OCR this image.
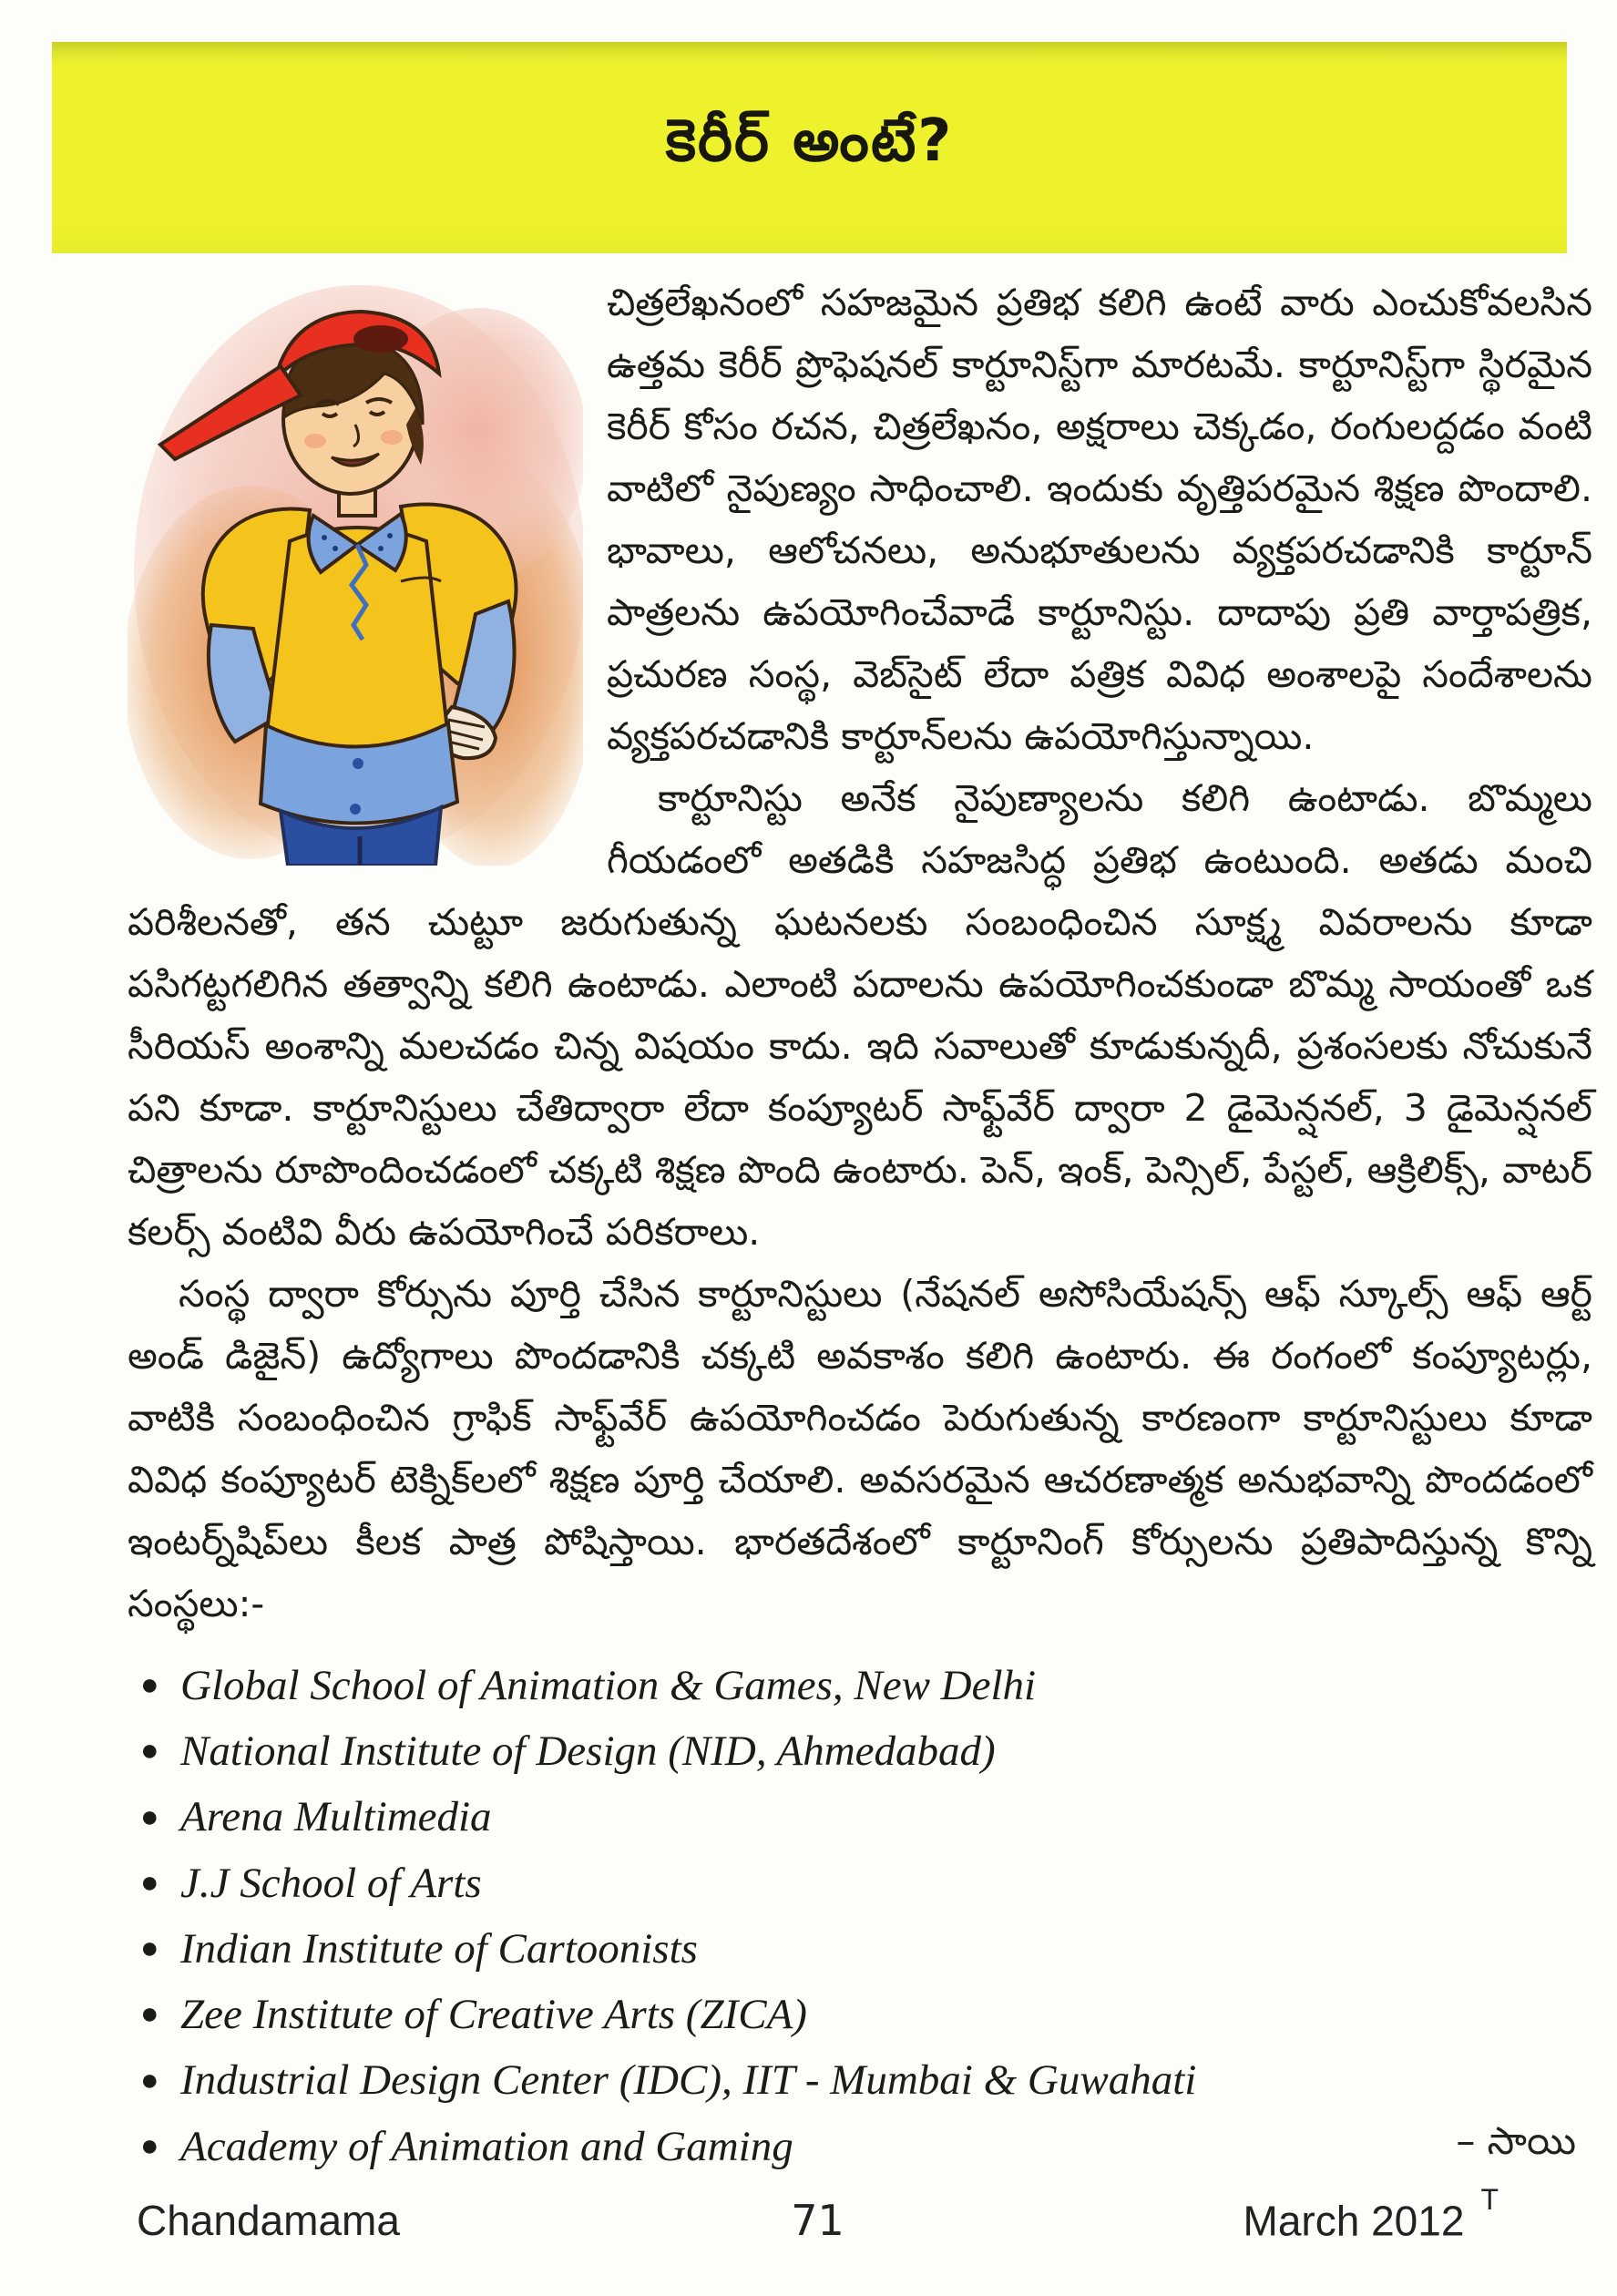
కెరీర్ అంటే?

చిత్రలేఖనంలో సహజమైన ప్రతిభ కలిగి ఉంటే వారు ఎంచుకోవలసిన ఉత్తమ కెరీర్ ప్రొఫెషనల్ కార్టూనిస్ట్‌గా మారటమే. కార్టూనిస్ట్‌గా స్థిరమైన కెరీర్ కోసం రచన, చిత్రలేఖనం, అక్షరాలు చెక్కడం, రంగులద్దడం వంటి వాటిలో నైపుణ్యం సాధించాలి. ఇందుకు వృత్తిపరమైన శిక్షణ పొందాలి. భావాలు, ఆలోచనలు, అనుభూతులను వ్యక్తపరచడానికి కార్టూన్ పాత్రలను ఉపయోగించేవాడే కార్టూనిస్టు. దాదాపు ప్రతి వార్తాపత్రిక, ప్రచురణ సంస్థ, వెబ్‌సైట్ లేదా పత్రిక వివిధ అంశాలపై సందేశాలను వ్యక్తపరచడానికి కార్టూన్‌లను ఉపయోగిస్తున్నాయి.

కార్టూనిస్టు అనేక నైపుణ్యాలను కలిగి ఉంటాడు. బొమ్మలు గీయడంలో అతడికి సహజసిద్ధ ప్రతిభ ఉంటుంది. అతడు మంచి పరిశీలనతో, తన చుట్టూ జరుగుతున్న ఘటనలకు సంబంధించిన సూక్ష్మ వివరాలను కూడా పసిగట్టగలిగిన తత్వాన్ని కలిగి ఉంటాడు. ఎలాంటి పదాలను ఉపయోగించకుండా బొమ్మ సాయంతో ఒక సీరియస్ అంశాన్ని మలచడం చిన్న విషయం కాదు. ఇది సవాలుతో కూడుకున్నదీ, ప్రశంసలకు నోచుకునే పని కూడా. కార్టూనిస్టులు చేతిద్వారా లేదా కంప్యూటర్ సాఫ్ట్‌వేర్ ద్వారా 2 డైమెన్షనల్, 3 డైమెన్షనల్ చిత్రాలను రూపొందించడంలో చక్కటి శిక్షణ పొంది ఉంటారు. పెన్, ఇంక్, పెన్సిల్, పేస్టల్, ఆక్రిలిక్స్, వాటర్ కలర్స్ వంటివి వీరు ఉపయోగించే పరికరాలు.

సంస్థ ద్వారా కోర్సును పూర్తి చేసిన కార్టూనిస్టులు (నేషనల్ అసోసియేషన్స్ ఆఫ్ స్కూల్స్ ఆఫ్ ఆర్ట్ అండ్ డిజైన్) ఉద్యోగాలు పొందడానికి చక్కటి అవకాశం కలిగి ఉంటారు. ఈ రంగంలో కంప్యూటర్లు, వాటికి సంబంధించిన గ్రాఫిక్ సాఫ్ట్‌వేర్ ఉపయోగించడం పెరుగుతున్న కారణంగా కార్టూనిస్టులు కూడా వివిధ కంప్యూటర్ టెక్నిక్‌లలో శిక్షణ పూర్తి చేయాలి. అవసరమైన ఆచరణాత్మక అనుభవాన్ని పొందడంలో ఇంటర్న్‌షిప్‌లు కీలక పాత్ర పోషిస్తాయి. భారతదేశంలో కార్టూనింగ్ కోర్సులను ప్రతిపాదిస్తున్న కొన్ని సంస్థలు:-

● Global School of Animation & Games, New Delhi
● National Institute of Design (NID, Ahmedabad)
● Arena Multimedia
● J.J School of Arts
● Indian Institute of Cartoonists
● Zee Institute of Creative Arts (ZICA)
● Industrial Design Center (IDC), IIT - Mumbai & Guwahati
● Academy of Animation and Gaming	– సాయి
Chandamama	71	March 2012 $^T$
